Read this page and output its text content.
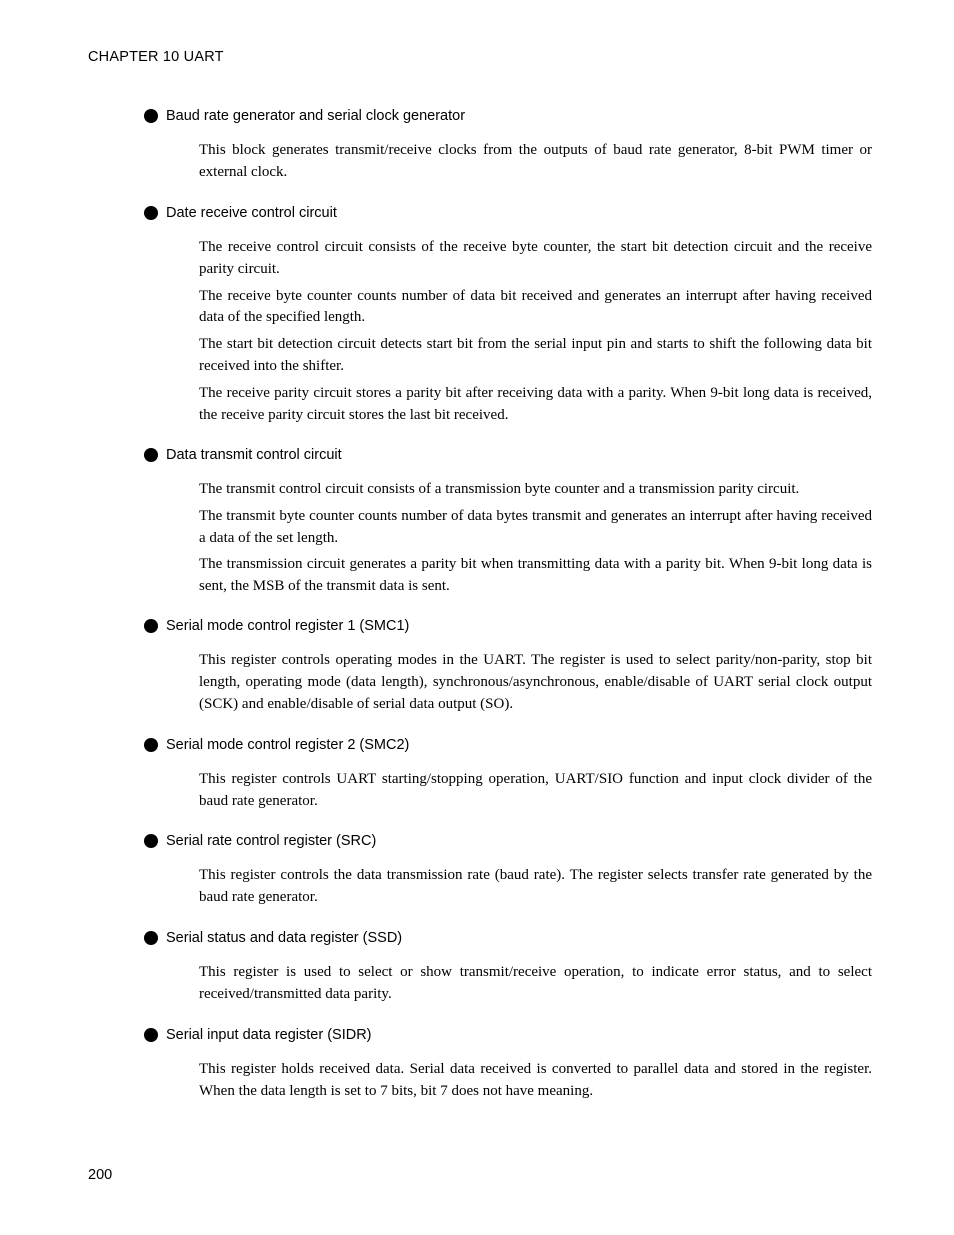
CHAPTER 10 UART
Baud rate generator and serial clock generator

This block generates transmit/receive clocks from the outputs of baud rate generator, 8-bit PWM timer or external clock.

Date receive control circuit

The receive control circuit consists of the receive byte counter, the start bit detection circuit and the receive parity circuit.

The receive byte counter counts number of data bit received and generates an interrupt after having received data of the specified length.

The start bit detection circuit detects start bit from the serial input pin and starts to shift the following data bit received into the shifter.

The receive parity circuit stores a parity bit after receiving data with a parity. When 9-bit long data is received, the receive parity circuit stores the last bit received.

Data transmit control circuit

The transmit control circuit consists of a transmission byte counter and a transmission parity circuit.

The transmit byte counter counts number of data bytes transmit and generates an interrupt after having received a data of the set length.

The transmission circuit generates a parity bit when transmitting data with a parity bit. When 9-bit long data is sent, the MSB of the transmit data is sent.

Serial mode control register 1 (SMC1)

This register controls operating modes in the UART. The register is used to select parity/non-parity, stop bit length, operating mode (data length), synchronous/asynchronous, enable/disable of UART serial clock output (SCK) and enable/disable of serial data output (SO).

Serial mode control register 2 (SMC2)

This register controls UART starting/stopping operation, UART/SIO function and input clock divider of the baud rate generator.

Serial rate control register (SRC)

This register controls the data transmission rate (baud rate). The register selects transfer rate generated by the baud rate generator.

Serial status and data register (SSD)

This register is used to select or show transmit/receive operation, to indicate error status, and to select received/transmitted data parity.

Serial input data register (SIDR)

This register holds received data. Serial data received is converted to parallel data and stored in the register. When the data length is set to 7 bits, bit 7 does not have meaning.

200
